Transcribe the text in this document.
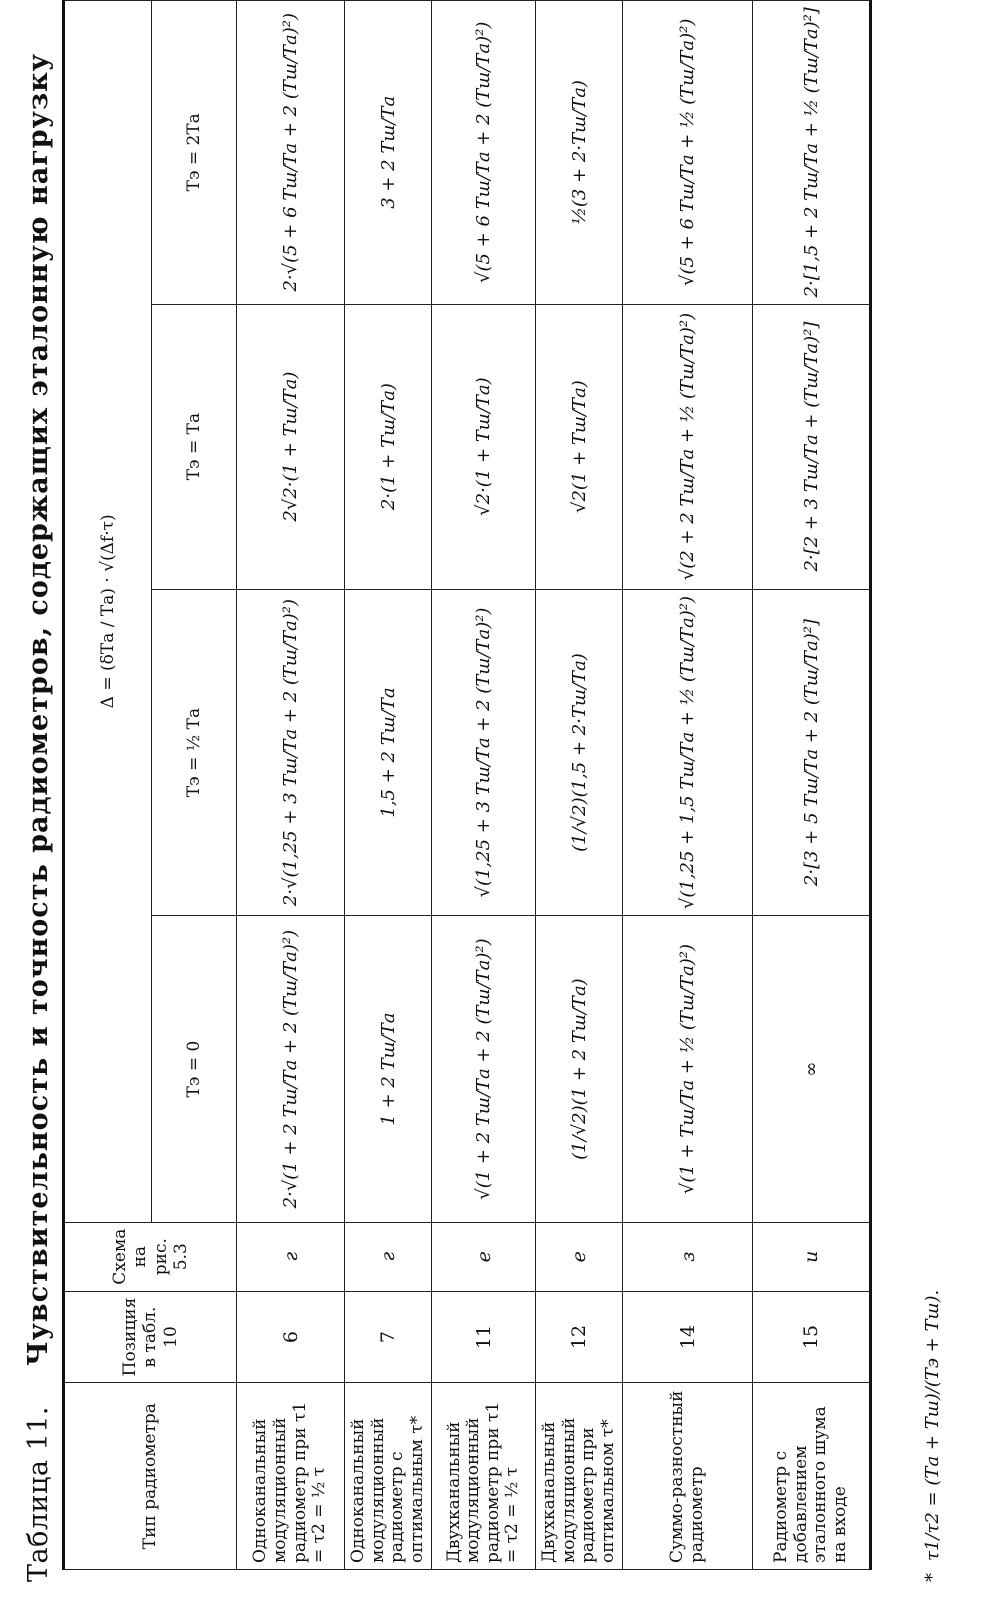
Таблица 11.
Чувствительность и точность радиометров, содержащих эталонную нагрузку
Тип радиометра	Позиция в табл. 10	Схема на рис. 5.3	Δ = (δTа / Tа) · √(Δf·τ)			
			Tэ = 0	Tэ = ½ Tа	Tэ = Tа	Tэ = 2Tа
Одноканальный модуляционный радиометр при τ1 = τ2 = ½ τ	6	г	2·√(1 + 2 Tш/Tа + 2 (Tш/Tа)²)	2·√(1,25 + 3 Tш/Tа + 2 (Tш/Tа)²)	2√2·(1 + Tш/Tа)	2·√(5 + 6 Tш/Tа + 2 (Tш/Tа)²)
Одноканальный модуляционный радиометр с оптимальным τ*	7	г	1 + 2 Tш/Tа	1,5 + 2 Tш/Tа	2·(1 + Tш/Tа)	3 + 2 Tш/Tа
Двухканальный модуляционный радиометр при τ1 = τ2 = ½ τ	11	е	√(1 + 2 Tш/Tа + 2 (Tш/Tа)²)	√(1,25 + 3 Tш/Tа + 2 (Tш/Tа)²)	√2·(1 + Tш/Tа)	√(5 + 6 Tш/Tа + 2 (Tш/Tа)²)
Двухканальный модуляционный радиометр при оптимальном τ*	12	е	(1/√2)(1 + 2 Tш/Tа)	(1/√2)(1,5 + 2·Tш/Tа)	√2(1 + Tш/Tа)	½(3 + 2·Tш/Tа)
Суммо-разностный радиометр	14	з	√(1 + Tш/Tа + ½ (Tш/Tа)²)	√(1,25 + 1,5 Tш/Tа + ½ (Tш/Tа)²)	√(2 + 2 Tш/Tа + ½ (Tш/Tа)²)	√(5 + 6 Tш/Tа + ½ (Tш/Tа)²)
Радиометр с добавлением эталонного шума на входе	15	и	∞	2·[3 + 5 Tш/Tа + 2 (Tш/Tа)²]	2·[2 + 3 Tш/Tа + (Tш/Tа)²]	2·[1,5 + 2 Tш/Tа + ½ (Tш/Tа)²]
*
τ1/τ2 = (Tа + Tш)/(Tэ + Tш).
